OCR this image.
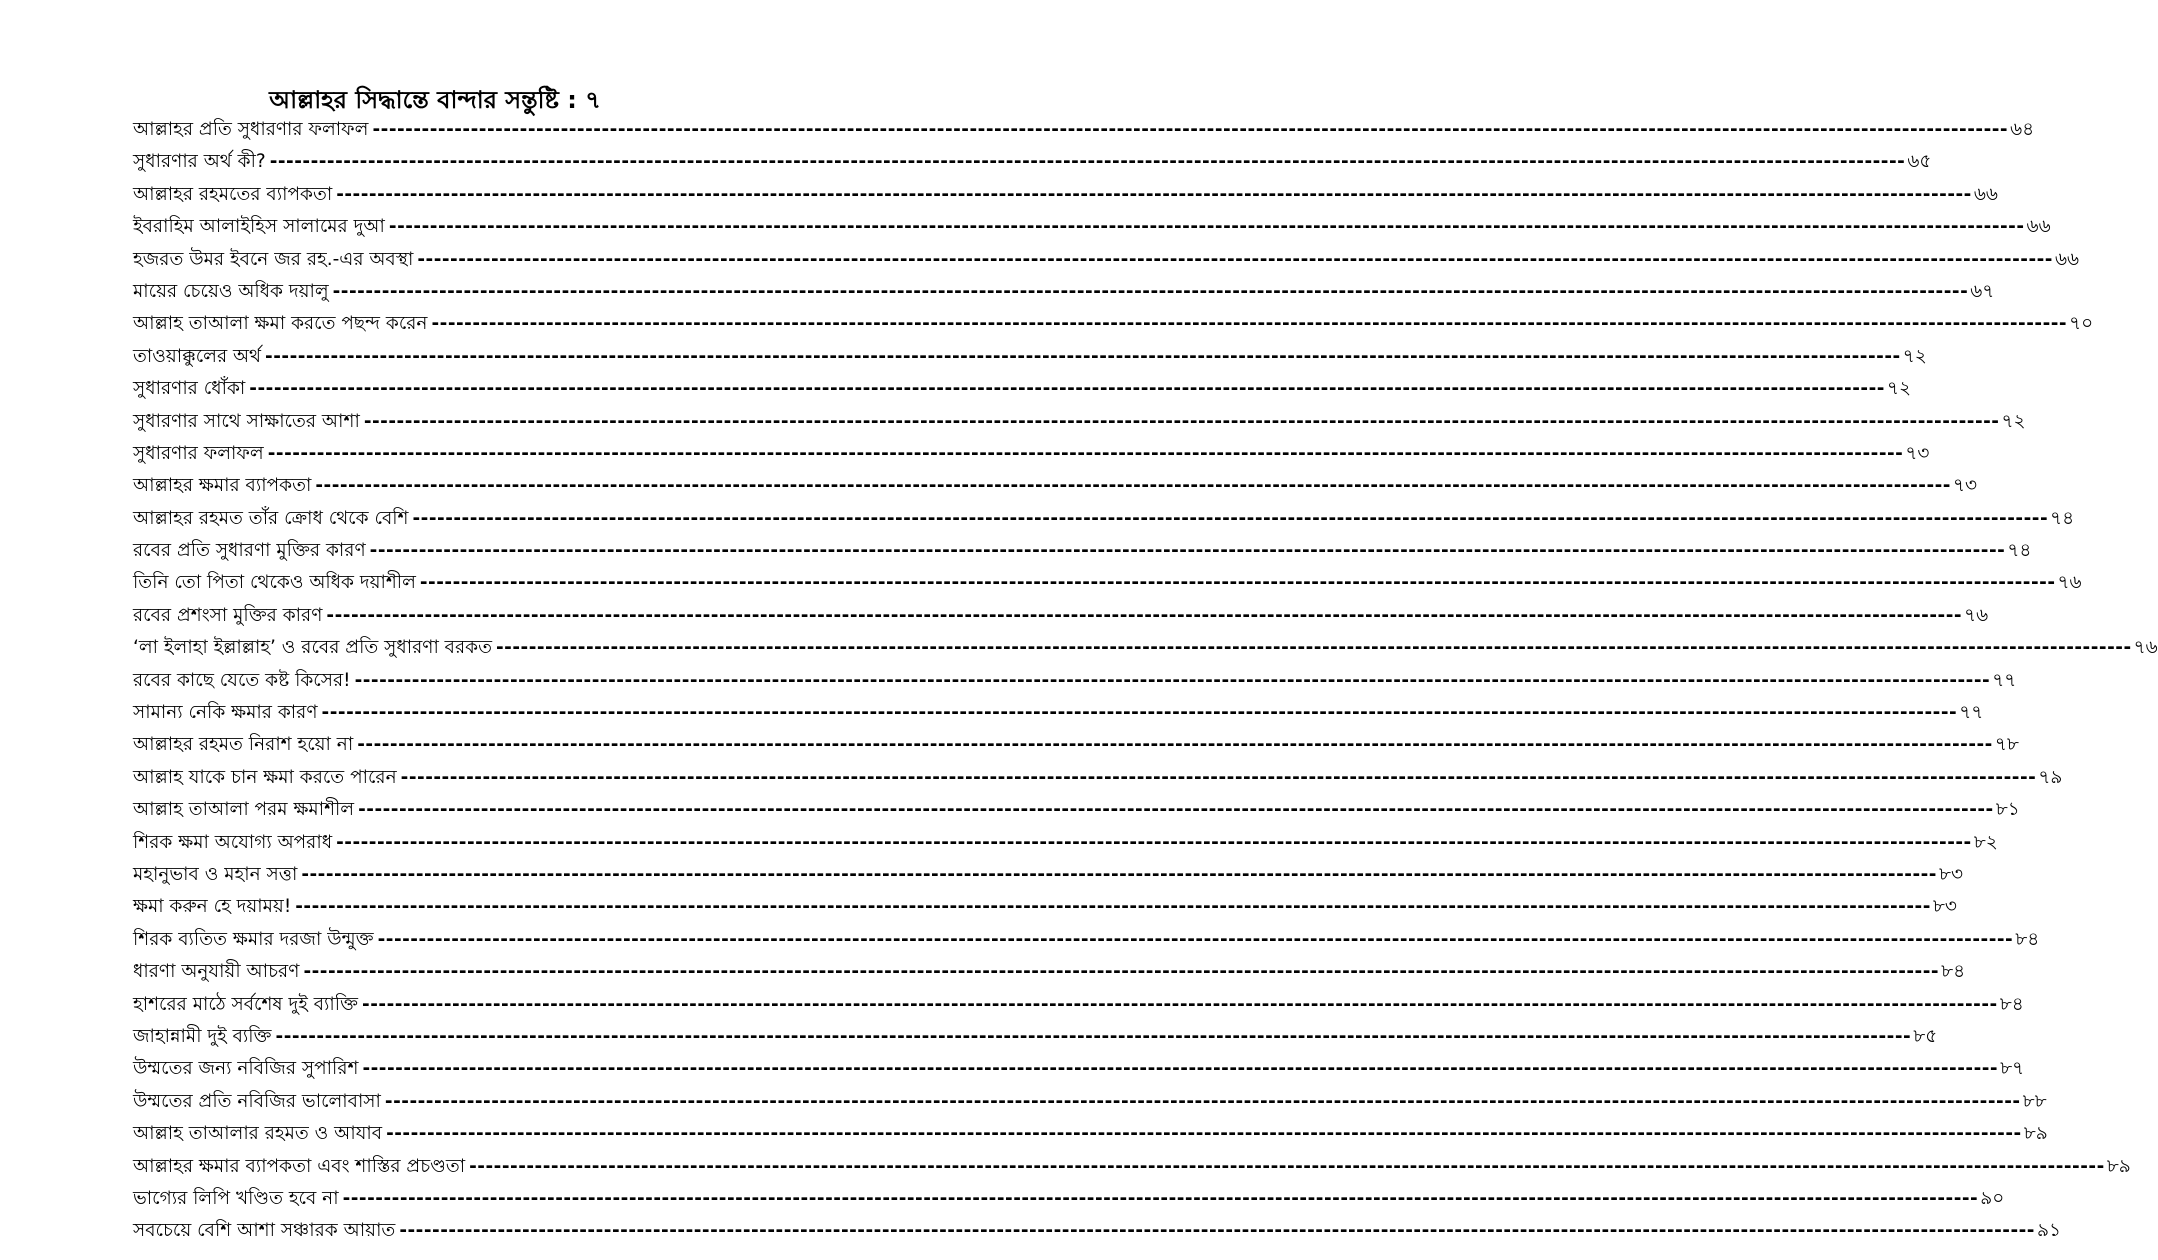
আল্লাহর সিদ্ধান্তে বান্দার সন্তুষ্টি : ৭
আল্লাহর প্রতি সুধারণার ফলাফল -------------------------------------------------------------------------------------------------------------------------------------------------------------------------------------------------------- ৬৪
সুধারণার অর্থ কী? -------------------------------------------------------------------------------------------------------------------------------------------------------------------------------------------------------- ৬৫
আল্লাহর রহমতের ব্যাপকতা -------------------------------------------------------------------------------------------------------------------------------------------------------------------------------------------------------- ৬৬
ইবরাহিম আলাইহিস সালামের দুআ -------------------------------------------------------------------------------------------------------------------------------------------------------------------------------------------------------- ৬৬
হজরত উমর ইবনে জর রহ.-এর অবস্থা -------------------------------------------------------------------------------------------------------------------------------------------------------------------------------------------------------- ৬৬
মায়ের চেয়েও অধিক দয়ালু -------------------------------------------------------------------------------------------------------------------------------------------------------------------------------------------------------- ৬৭
আল্লাহ তাআলা ক্ষমা করতে পছন্দ করেন -------------------------------------------------------------------------------------------------------------------------------------------------------------------------------------------------------- ৭০
তাওয়াক্কুলের অর্থ -------------------------------------------------------------------------------------------------------------------------------------------------------------------------------------------------------- ৭২
সুধারণার ধোঁকা -------------------------------------------------------------------------------------------------------------------------------------------------------------------------------------------------------- ৭২
সুধারণার সাথে সাক্ষাতের আশা -------------------------------------------------------------------------------------------------------------------------------------------------------------------------------------------------------- ৭২
সুধারণার ফলাফল -------------------------------------------------------------------------------------------------------------------------------------------------------------------------------------------------------- ৭৩
আল্লাহর ক্ষমার ব্যাপকতা -------------------------------------------------------------------------------------------------------------------------------------------------------------------------------------------------------- ৭৩
আল্লাহর রহমত তাঁর ক্রোধ থেকে বেশি -------------------------------------------------------------------------------------------------------------------------------------------------------------------------------------------------------- ৭৪
রবের প্রতি সুধারণা মুক্তির কারণ -------------------------------------------------------------------------------------------------------------------------------------------------------------------------------------------------------- ৭৪
তিনি তো পিতা থেকেও অধিক দয়াশীল -------------------------------------------------------------------------------------------------------------------------------------------------------------------------------------------------------- ৭৬
রবের প্রশংসা মুক্তির কারণ -------------------------------------------------------------------------------------------------------------------------------------------------------------------------------------------------------- ৭৬
‘লা ইলাহা ইল্লাল্লাহ’ ও রবের প্রতি সুধারণা বরকত -------------------------------------------------------------------------------------------------------------------------------------------------------------------------------------------------------- ৭৬
রবের কাছে যেতে কষ্ট কিসের! -------------------------------------------------------------------------------------------------------------------------------------------------------------------------------------------------------- ৭৭
সামান্য নেকি ক্ষমার কারণ -------------------------------------------------------------------------------------------------------------------------------------------------------------------------------------------------------- ৭৭
আল্লাহর রহমত নিরাশ হয়ো না -------------------------------------------------------------------------------------------------------------------------------------------------------------------------------------------------------- ৭৮
আল্লাহ যাকে চান ক্ষমা করতে পারেন -------------------------------------------------------------------------------------------------------------------------------------------------------------------------------------------------------- ৭৯
আল্লাহ তাআলা পরম ক্ষমাশীল -------------------------------------------------------------------------------------------------------------------------------------------------------------------------------------------------------- ৮১
শিরক ক্ষমা অযোগ্য অপরাধ -------------------------------------------------------------------------------------------------------------------------------------------------------------------------------------------------------- ৮২
মহানুভাব ও মহান সত্তা -------------------------------------------------------------------------------------------------------------------------------------------------------------------------------------------------------- ৮৩
ক্ষমা করুন হে দয়াময়! -------------------------------------------------------------------------------------------------------------------------------------------------------------------------------------------------------- ৮৩
শিরক ব্যতিত ক্ষমার দরজা উন্মুক্ত -------------------------------------------------------------------------------------------------------------------------------------------------------------------------------------------------------- ৮৪
ধারণা অনুযায়ী আচরণ -------------------------------------------------------------------------------------------------------------------------------------------------------------------------------------------------------- ৮৪
হাশরের মাঠে সর্বশেষ দুই ব্যাক্তি -------------------------------------------------------------------------------------------------------------------------------------------------------------------------------------------------------- ৮৪
জাহান্নামী দুই ব্যক্তি -------------------------------------------------------------------------------------------------------------------------------------------------------------------------------------------------------- ৮৫
উম্মতের জন্য নবিজির সুপারিশ -------------------------------------------------------------------------------------------------------------------------------------------------------------------------------------------------------- ৮৭
উম্মতের প্রতি নবিজির ভালোবাসা -------------------------------------------------------------------------------------------------------------------------------------------------------------------------------------------------------- ৮৮
আল্লাহ তাআলার রহমত ও আযাব -------------------------------------------------------------------------------------------------------------------------------------------------------------------------------------------------------- ৮৯
আল্লাহর ক্ষমার ব্যাপকতা এবং শাস্তির প্রচণ্ডতা -------------------------------------------------------------------------------------------------------------------------------------------------------------------------------------------------------- ৮৯
ভাগ্যের লিপি খণ্ডিত হবে না -------------------------------------------------------------------------------------------------------------------------------------------------------------------------------------------------------- ৯০
সবচেয়ে বেশি আশা সঞ্চারক আয়াত -------------------------------------------------------------------------------------------------------------------------------------------------------------------------------------------------------- ৯১
